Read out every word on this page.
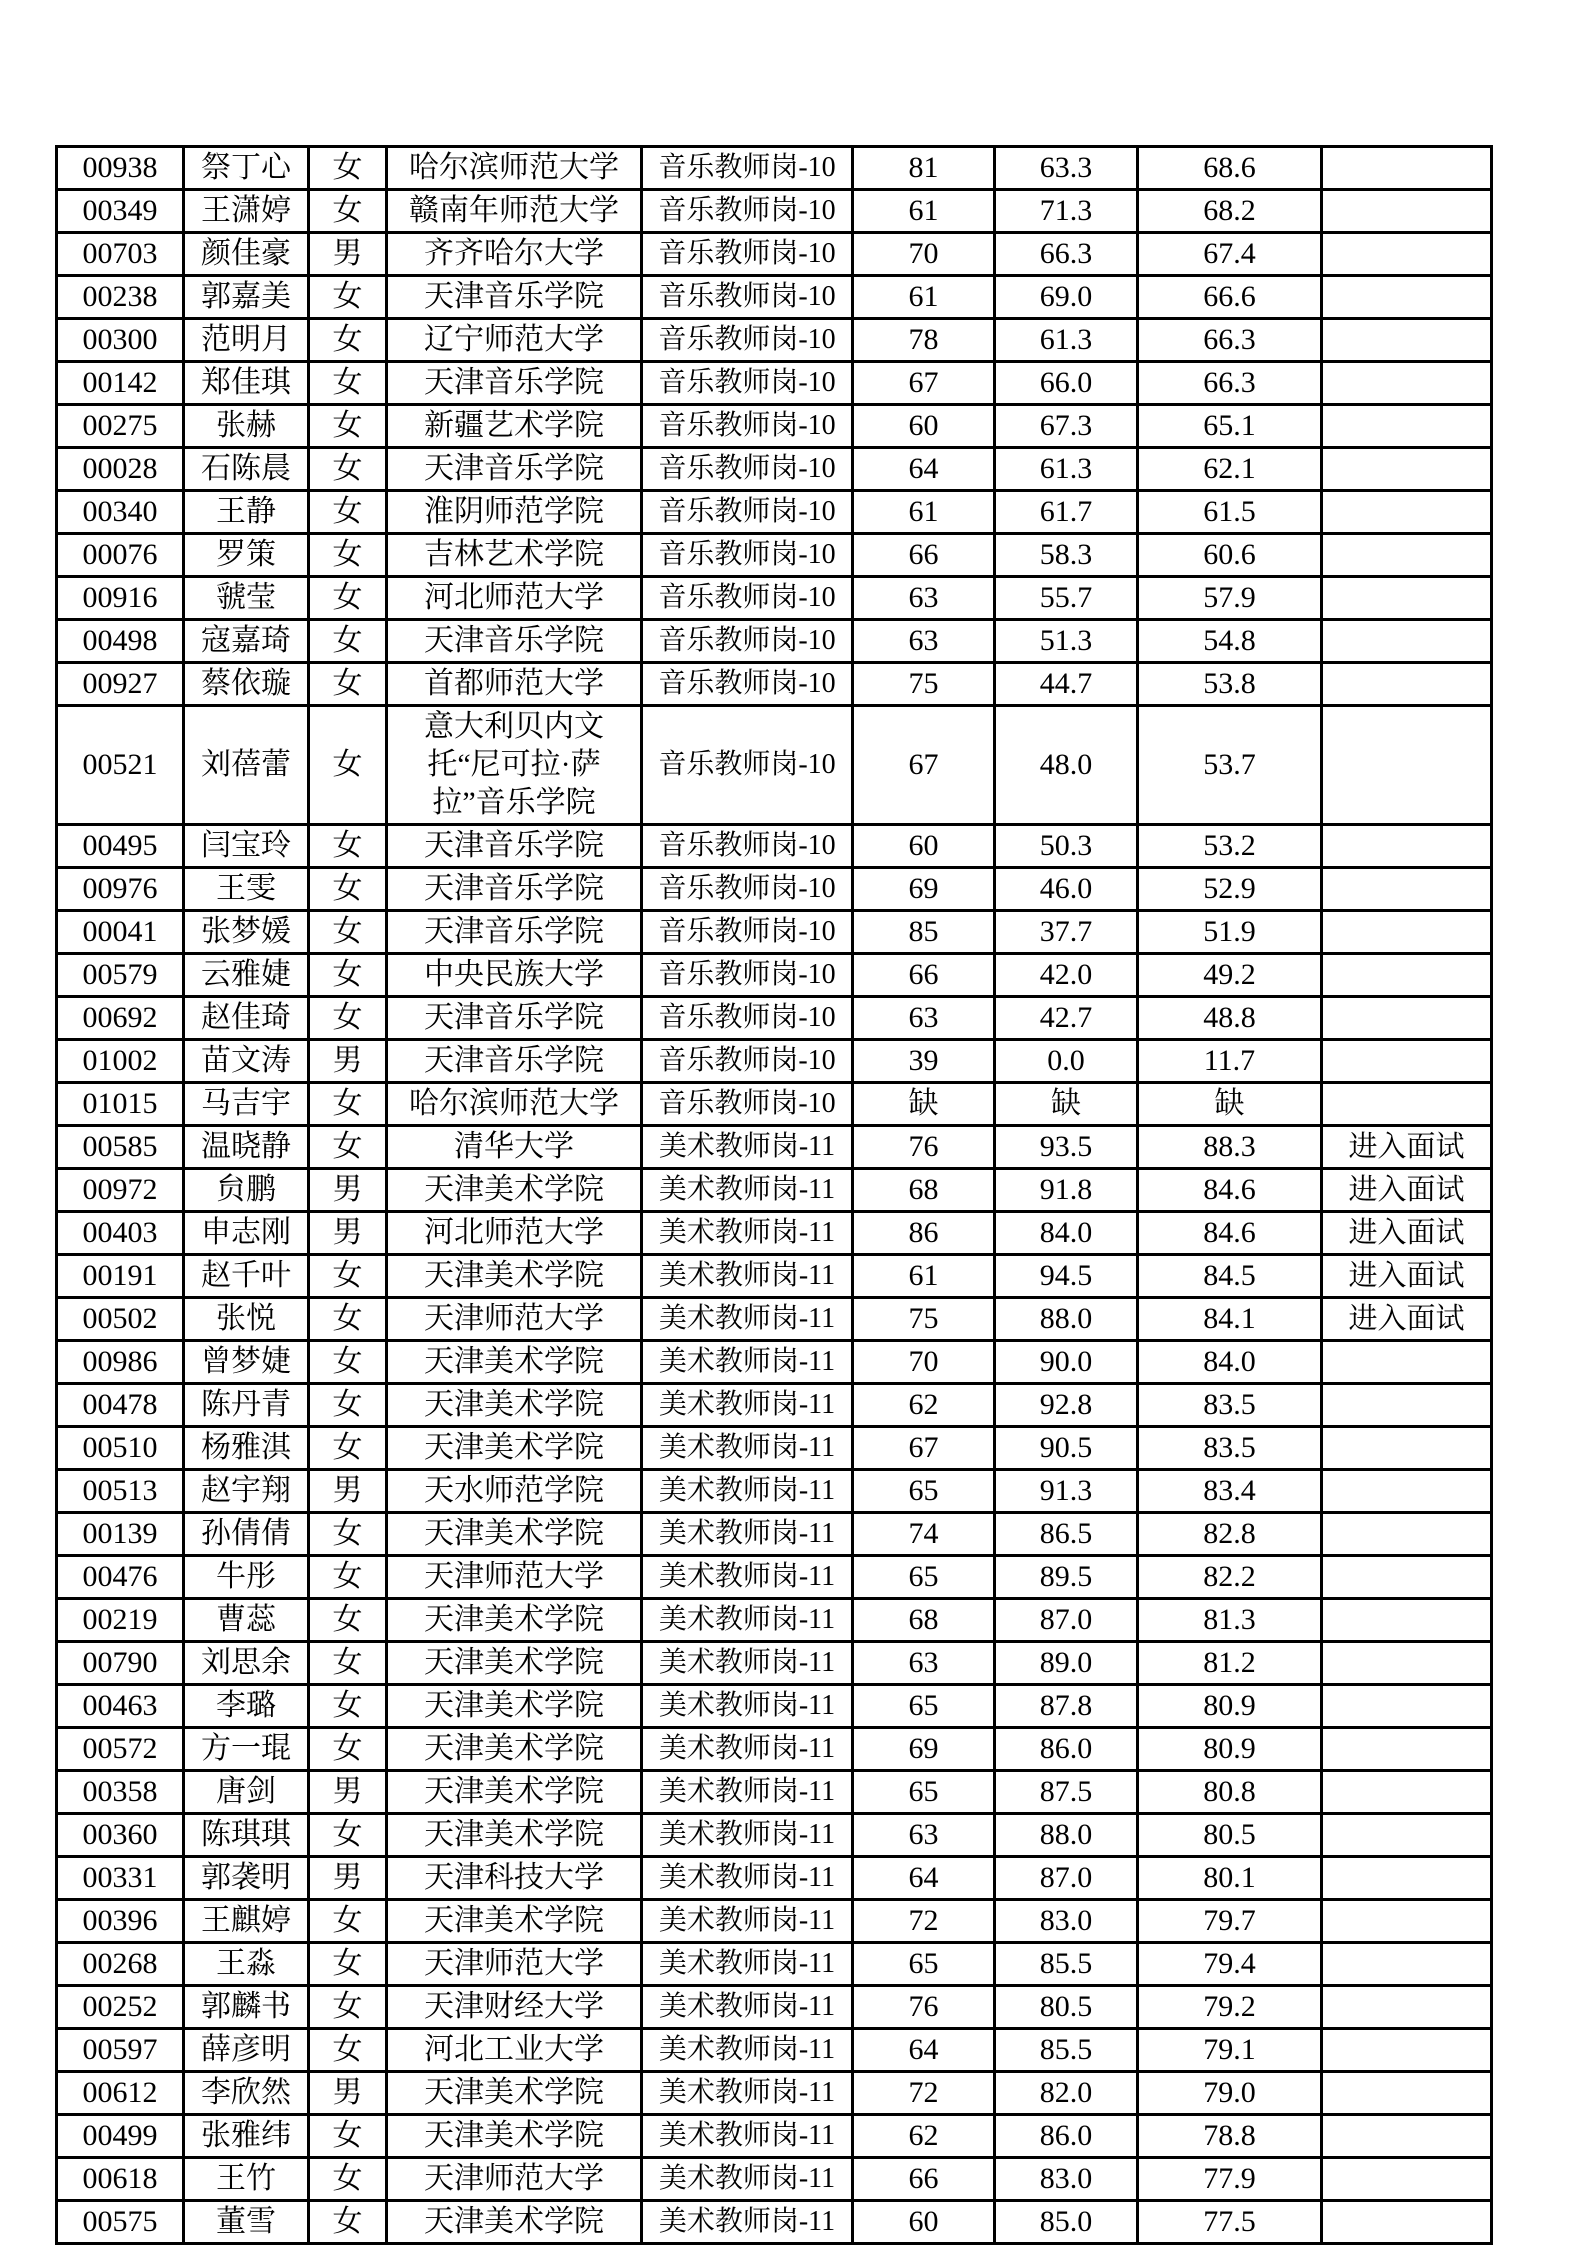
00938	祭丁心	女	哈尔滨师范大学	音乐教师岗-10	81	63.3	68.6	
00349	王潇婷	女	赣南年师范大学	音乐教师岗-10	61	71.3	68.2	
00703	颜佳豪	男	齐齐哈尔大学	音乐教师岗-10	70	66.3	67.4	
00238	郭嘉美	女	天津音乐学院	音乐教师岗-10	61	69.0	66.6	
00300	范明月	女	辽宁师范大学	音乐教师岗-10	78	61.3	66.3	
00142	郑佳琪	女	天津音乐学院	音乐教师岗-10	67	66.0	66.3	
00275	张赫	女	新疆艺术学院	音乐教师岗-10	60	67.3	65.1	
00028	石陈晨	女	天津音乐学院	音乐教师岗-10	64	61.3	62.1	
00340	王静	女	淮阴师范学院	音乐教师岗-10	61	61.7	61.5	
00076	罗策	女	吉林艺术学院	音乐教师岗-10	66	58.3	60.6	
00916	虢莹	女	河北师范大学	音乐教师岗-10	63	55.7	57.9	
00498	寇嘉琦	女	天津音乐学院	音乐教师岗-10	63	51.3	54.8	
00927	蔡依璇	女	首都师范大学	音乐教师岗-10	75	44.7	53.8	
00521	刘蓓蕾	女	意大利贝内文托“尼可拉·萨拉”音乐学院	音乐教师岗-10	67	48.0	53.7	
00495	闫宝玲	女	天津音乐学院	音乐教师岗-10	60	50.3	53.2	
00976	王雯	女	天津音乐学院	音乐教师岗-10	69	46.0	52.9	
00041	张梦媛	女	天津音乐学院	音乐教师岗-10	85	37.7	51.9	
00579	云雅婕	女	中央民族大学	音乐教师岗-10	66	42.0	49.2	
00692	赵佳琦	女	天津音乐学院	音乐教师岗-10	63	42.7	48.8	
01002	苗文涛	男	天津音乐学院	音乐教师岗-10	39	0.0	11.7	
01015	马吉宇	女	哈尔滨师范大学	音乐教师岗-10	缺	缺	缺	
00585	温晓静	女	清华大学	美术教师岗-11	76	93.5	88.3	进入面试
00972	贠鹏	男	天津美术学院	美术教师岗-11	68	91.8	84.6	进入面试
00403	申志刚	男	河北师范大学	美术教师岗-11	86	84.0	84.6	进入面试
00191	赵千叶	女	天津美术学院	美术教师岗-11	61	94.5	84.5	进入面试
00502	张悦	女	天津师范大学	美术教师岗-11	75	88.0	84.1	进入面试
00986	曾梦婕	女	天津美术学院	美术教师岗-11	70	90.0	84.0	
00478	陈丹青	女	天津美术学院	美术教师岗-11	62	92.8	83.5	
00510	杨雅淇	女	天津美术学院	美术教师岗-11	67	90.5	83.5	
00513	赵宇翔	男	天水师范学院	美术教师岗-11	65	91.3	83.4	
00139	孙倩倩	女	天津美术学院	美术教师岗-11	74	86.5	82.8	
00476	牛彤	女	天津师范大学	美术教师岗-11	65	89.5	82.2	
00219	曹蕊	女	天津美术学院	美术教师岗-11	68	87.0	81.3	
00790	刘思余	女	天津美术学院	美术教师岗-11	63	89.0	81.2	
00463	李璐	女	天津美术学院	美术教师岗-11	65	87.8	80.9	
00572	方一琨	女	天津美术学院	美术教师岗-11	69	86.0	80.9	
00358	唐剑	男	天津美术学院	美术教师岗-11	65	87.5	80.8	
00360	陈琪琪	女	天津美术学院	美术教师岗-11	63	88.0	80.5	
00331	郭袭明	男	天津科技大学	美术教师岗-11	64	87.0	80.1	
00396	王麒婷	女	天津美术学院	美术教师岗-11	72	83.0	79.7	
00268	王淼	女	天津师范大学	美术教师岗-11	65	85.5	79.4	
00252	郭麟书	女	天津财经大学	美术教师岗-11	76	80.5	79.2	
00597	薛彦明	女	河北工业大学	美术教师岗-11	64	85.5	79.1	
00612	李欣然	男	天津美术学院	美术教师岗-11	72	82.0	79.0	
00499	张雅纬	女	天津美术学院	美术教师岗-11	62	86.0	78.8	
00618	王竹	女	天津师范大学	美术教师岗-11	66	83.0	77.9	
00575	董雪	女	天津美术学院	美术教师岗-11	60	85.0	77.5	
